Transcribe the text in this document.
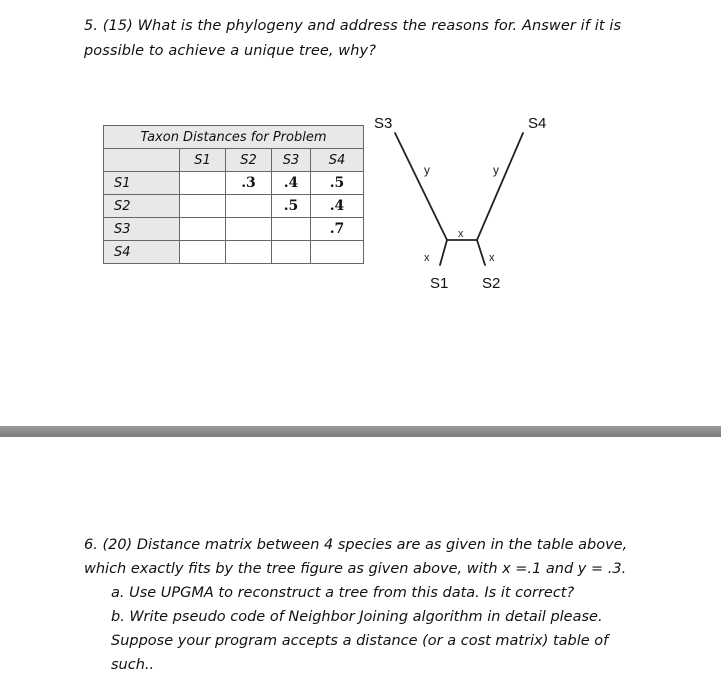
5. (15) What is the phylogeny and address the reasons for. Answer if it is
possible to achieve a unique tree, why?
Taxon Distances for Problem				
	S1	S2	S3	S4
S1		.3	.4	.5
S2			.5	.4
S3				.7
S4				
S3	S4
S1 S2
y	y
x
x	x
6. (20) Distance matrix between 4 species are as given in the table above,
which exactly fits by the tree figure as given above, with x =.1 and y = .3.
a. Use UPGMA to reconstruct a tree from this data. Is it correct?
b. Write pseudo code of Neighbor Joining algorithm in detail please.
Suppose your program accepts a distance (or a cost matrix) table of
such..
